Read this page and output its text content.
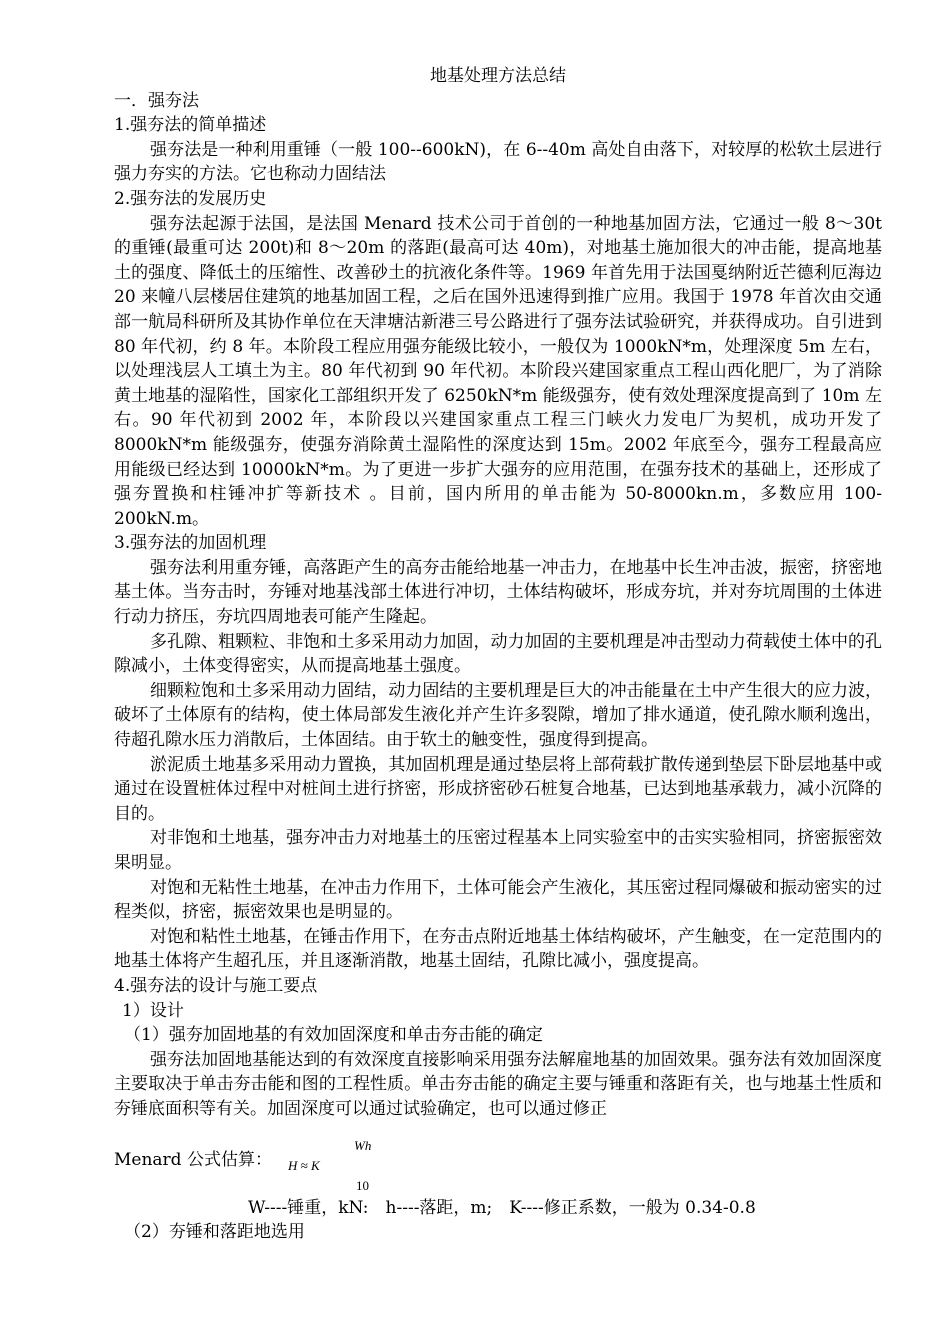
地基处理方法总结
一．强夯法
1.强夯法的简单描述

强夯法是一种利用重锤（一般 100--600kN)，在 6--40m 高处自由落下，对较厚的松软土层进行强力夯实的方法。它也称动力固结法

2.强夯法的发展历史

强夯法起源于法国，是法国 Menard 技术公司于首创的一种地基加固方法，它通过一般 8～30t 的重锤(最重可达 200t)和 8～20m 的落距(最高可达 40m)，对地基土施加很大的冲击能，提高地基土的强度、降低土的压缩性、改善砂土的抗液化条件等。1969 年首先用于法国戛纳附近芒德利厄海边 20 来幢八层楼居住建筑的地基加固工程，之后在国外迅速得到推广应用。我国于 1978 年首次由交通部一航局科研所及其协作单位在天津塘沽新港三号公路进行了强夯法试验研究，并获得成功。自引进到 80 年代初，约 8 年。本阶段工程应用强夯能级比较小，一般仅为 1000kN*m，处理深度 5m 左右，以处理浅层人工填土为主。80 年代初到 90 年代初。本阶段兴建国家重点工程山西化肥厂，为了消除黄土地基的湿陷性，国家化工部组织开发了 6250kN*m 能级强夯，使有效处理深度提高到了 10m 左右。90 年代初到 2002 年，本阶段以兴建国家重点工程三门峡火力发电厂为契机，成功开发了 8000kN*m 能级强夯，使强夯消除黄土湿陷性的深度达到 15m。2002 年底至今，强夯工程最高应用能级已经达到 10000kN*m。为了更进一步扩大强夯的应用范围，在强夯技术的基础上，还形成了强夯置换和柱锤冲扩等新技术 。目前，国内所用的单击能为 50-8000kn.m，多数应用 100-200kN.m。

3.强夯法的加固机理

强夯法利用重夯锤，高落距产生的高夯击能给地基一冲击力，在地基中长生冲击波，振密，挤密地基土体。当夯击时，夯锤对地基浅部土体进行冲切，土体结构破坏，形成夯坑，并对夯坑周围的土体进行动力挤压，夯坑四周地表可能产生隆起。

多孔隙、粗颗粒、非饱和土多采用动力加固，动力加固的主要机理是冲击型动力荷载使土体中的孔隙减小，土体变得密实，从而提高地基土强度。

细颗粒饱和土多采用动力固结，动力固结的主要机理是巨大的冲击能量在土中产生很大的应力波，破坏了土体原有的结构，使土体局部发生液化并产生许多裂隙，增加了排水通道，使孔隙水顺利逸出，待超孔隙水压力消散后，土体固结。由于软土的触变性，强度得到提高。

淤泥质土地基多采用动力置换，其加固机理是通过垫层将上部荷载扩散传递到垫层下卧层地基中或通过在设置桩体过程中对桩间土进行挤密，形成挤密砂石桩复合地基，已达到地基承载力，减小沉降的目的。

对非饱和土地基，强夯冲击力对地基土的压密过程基本上同实验室中的击实实验相同，挤密振密效果明显。

对饱和无粘性土地基，在冲击力作用下，土体可能会产生液化，其压密过程同爆破和振动密实的过程类似，挤密，振密效果也是明显的。

对饱和粘性土地基，在锤击作用下，在夯击点附近地基土体结构破坏，产生触变，在一定范围内的地基土体将产生超孔压，并且逐渐消散，地基土固结，孔隙比减小，强度提高。

4.强夯法的设计与施工要点
1）设计
（1）强夯加固地基的有效加固深度和单击夯击能的确定

强夯法加固地基能达到的有效深度直接影响采用强夯法解雇地基的加固效果。强夯法有效加固深度主要取决于单击夯击能和图的工程性质。单击夯击能的确定主要与锤重和落距有关，也与地基土性质和夯锤底面积等有关。加固深度可以通过试验确定，也可以通过修正

Menard 公式估算： H ≈ K
Wh
10
W----锤重，kN:　h----落距，m;　K----修正系数，一般为 0.34-0.8
（2）夯锤和落距地选用
